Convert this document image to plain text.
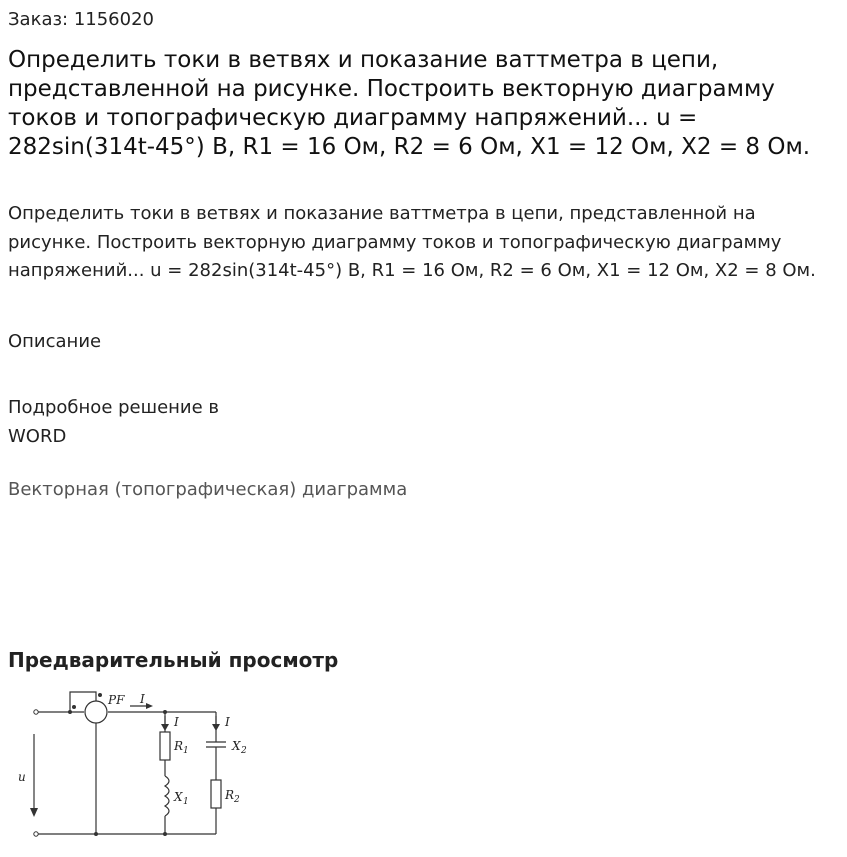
Заказ: 1156020
Определить токи в ветвях и показание ваттметра в цепи, представленной на рисунке. Построить векторную диаграмму токов и топографическую диаграмму напряжений... u = 282sin(314t-45°) В, R1 = 16 Ом, R2 = 6 Ом, X1 = 12 Ом, X2 = 8 Ом.
Определить токи в ветвях и показание ваттметра в цепи, представленной на рисунке. Построить векторную диаграмму токов и топографическую диаграмму напряжений... u = 282sin(314t-45°) В, R1 = 16 Ом, R2 = 6 Ом, X1 = 12 Ом, X2 = 8 Ом.
Описание
Подробное решение в WORD
Векторная (топографическая) диаграмма
Предварительный просмотр
PF I
I	I
R 1
X 1
X 2
R 2
u
